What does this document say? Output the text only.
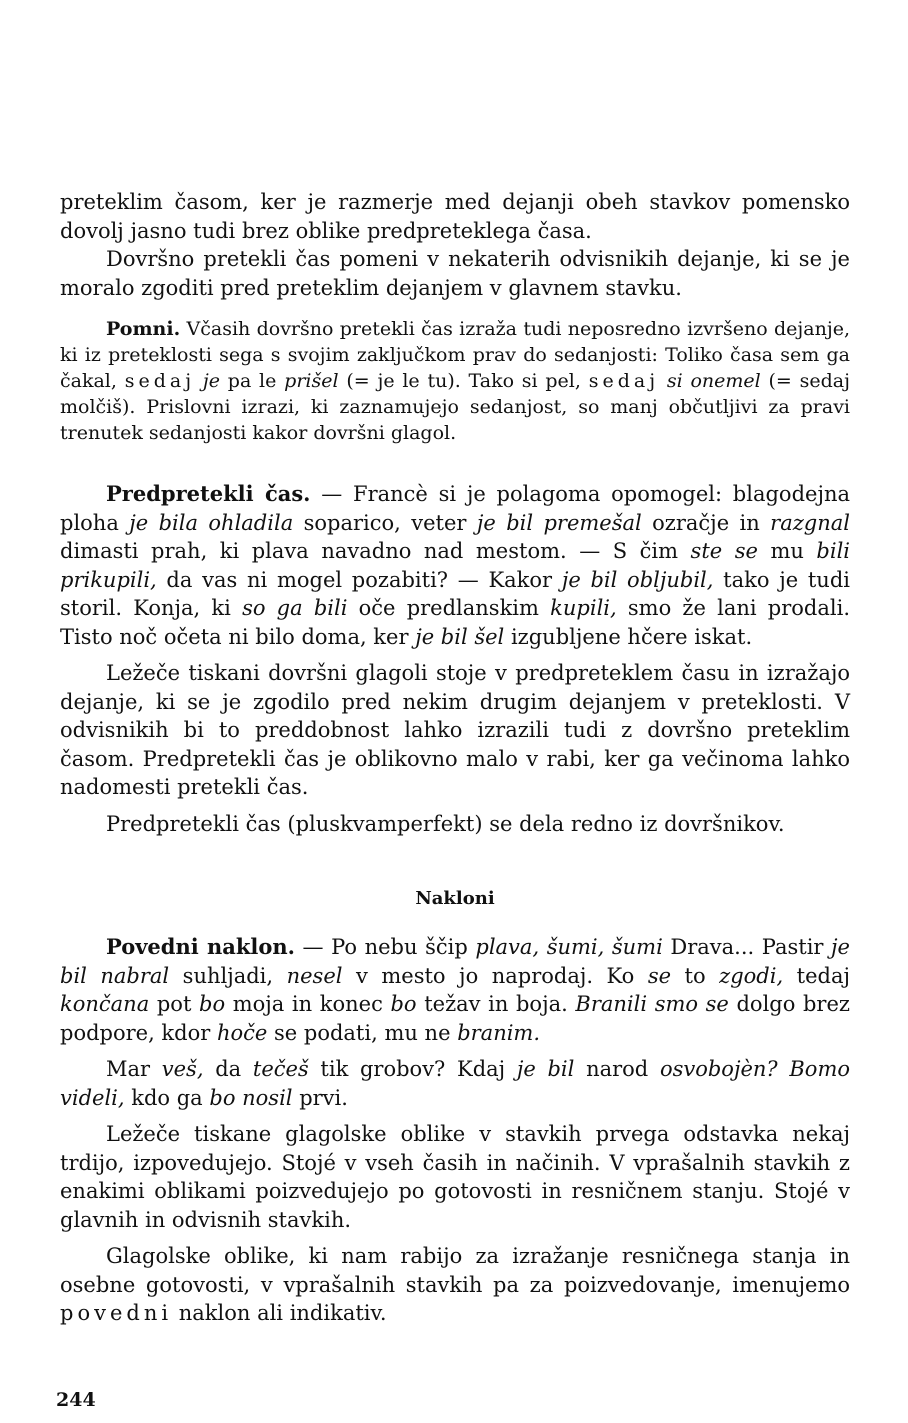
preteklim časom, ker je razmerje med dejanji obeh stavkov pomensko dovolj jasno tudi brez oblike predpreteklega časa.

Dovršno pretekli čas pomeni v nekaterih odvisnikih dejanje, ki se je moralo zgoditi pred preteklim dejanjem v glavnem stavku.

Pomni. Včasih dovršno pretekli čas izraža tudi neposredno izvršeno dejanje, ki iz preteklosti sega s svojim zaključkom prav do sedanjosti: Toliko časa sem ga čakal, sedaj je pa le prišel (= je le tu). Tako si pel, sedaj si onemel (= sedaj molčiš). Prislovni izrazi, ki zaznamujejo sedanjost, so manj občutljivi za pravi trenutek sedanjosti kakor dovršni glagol.

Predpretekli čas. — Francè si je polagoma opomogel: blagodejna ploha je bila ohladila soparico, veter je bil premešal ozračje in razgnal dimasti prah, ki plava navadno nad mestom. — S čim ste se mu bili prikupili, da vas ni mogel pozabiti? — Kakor je bil obljubil, tako je tudi storil. Konja, ki so ga bili oče predlanskim kupili, smo že lani prodali. Tisto noč očeta ni bilo doma, ker je bil šel izgubljene hčere iskat.

Ležeče tiskani dovršni glagoli stoje v predpreteklem času in izražajo dejanje, ki se je zgodilo pred nekim drugim dejanjem v preteklosti. V odvisnikih bi to preddobnost lahko izrazili tudi z dovršno preteklim časom. Predpretekli čas je oblikovno malo v rabi, ker ga večinoma lahko nadomesti pretekli čas.

Predpretekli čas (pluskvamperfekt) se dela redno iz dovršnikov.

Nakloni

Povedni naklon. — Po nebu ščip plava, šumi, šumi Drava... Pastir je bil nabral suhljadi, nesel v mesto jo naprodaj. Ko se to zgodi, tedaj končana pot bo moja in konec bo težav in boja. Branili smo se dolgo brez podpore, kdor hoče se podati, mu ne branim.

Mar veš, da tečeš tik grobov? Kdaj je bil narod osvobojèn? Bomo videli, kdo ga bo nosil prvi.

Ležeče tiskane glagolske oblike v stavkih prvega odstavka nekaj trdijo, izpovedujejo. Stojé v vseh časih in načinih. V vprašalnih stavkih z enakimi oblikami poizvedujejo po gotovosti in resničnem stanju. Stojé v glavnih in odvisnih stavkih.

Glagolske oblike, ki nam rabijo za izražanje resničnega stanja in osebne gotovosti, v vprašalnih stavkih pa za poizvedovanje, imenujemo povedni naklon ali indikativ.

244
